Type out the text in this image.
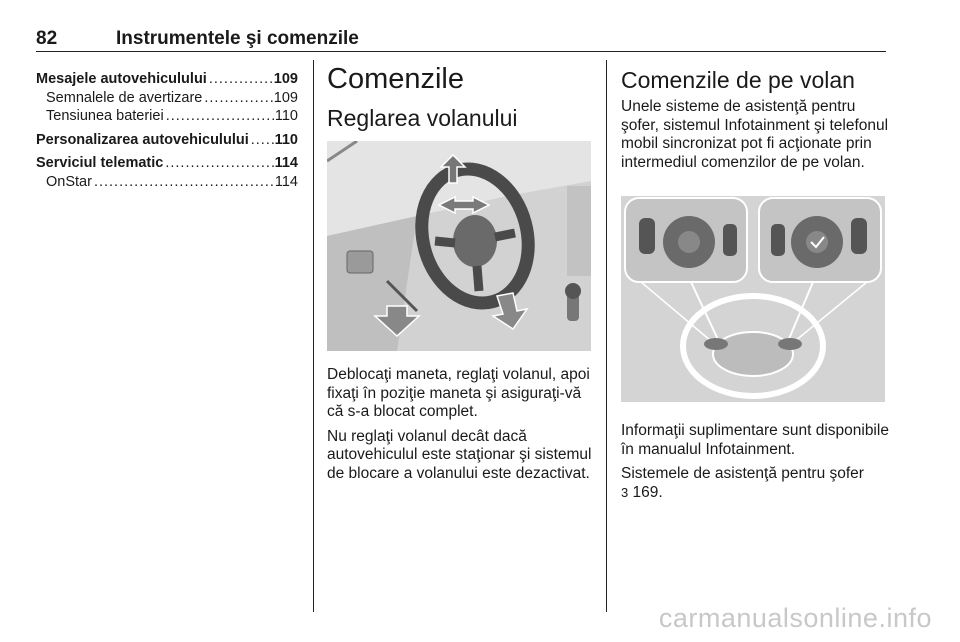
82	Instrumentele şi comenzile
Mesajele autovehiculului .....	109
Semnalele de avertizare .....	109
Tensiunea bateriei .....	110
Personalizarea autovehiculului ..... 110
Serviciul telematic .....	114
OnStar .....	114
Comenzile
Reglarea volanului

Deblocaţi maneta, reglaţi volanul, apoi fixaţi în poziţie maneta şi asiguraţi-vă că s-a blocat complet.

Nu reglaţi volanul decât dacă autovehiculul este staţionar şi sistemul de blocare a volanului este dezactivat.

Comenzile de pe volan

Unele sisteme de asistenţă pentru şofer, sistemul Infotainment şi telefonul mobil sincronizat pot fi acţionate prin intermediul comenzilor de pe volan.

Informaţii suplimentare sunt disponibile în manualul Infotainment.

Sistemele de asistenţă pentru şofer
3 169.

carmanualsonline.info
